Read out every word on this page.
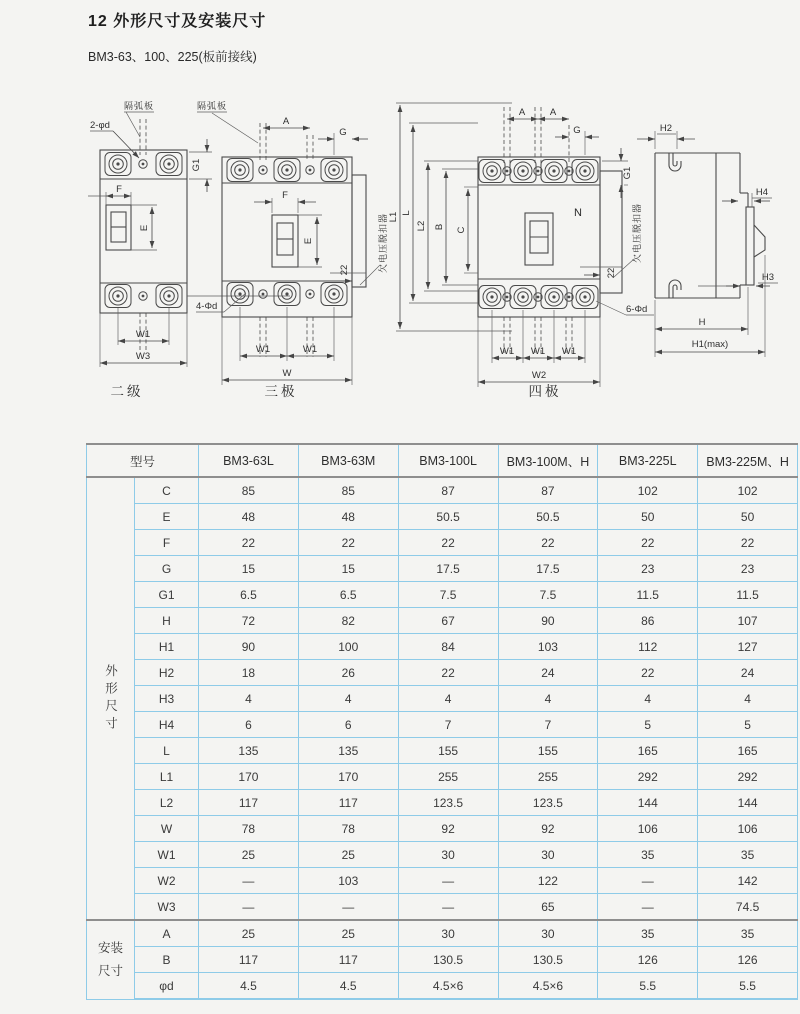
12 外形尺寸及安装尺寸
BM3-63、100、225(板前接线)
2-φd
隔弧板
G1
F
E
W1
W3
二级
隔弧板
A
G
F
E	欠电压脱扣器
22
4-Φd
W1	W1
W
三极
N
A	A
G
G1
L1 L
L2 B C	欠电压脱扣器
22
6-Φd
W1 W1 W1
W2
四极
H2
H4
H3
H
H1(max)
型号		BM3-63L	BM3-63M	BM3-100L	BM3-100M、H	BM3-225L	BM3-225M、H
外形尺寸	C	85	85	87	87	102	102
	E	48	48	50.5	50.5	50	50
	F	22	22	22	22	22	22
	G	15	15	17.5	17.5	23	23
	G1	6.5	6.5	7.5	7.5	11.5	11.5
	H	72	82	67	90	86	107
	H1	90	100	84	103	112	127
	H2	18	26	22	24	22	24
	H3	4	4	4	4	4	4
	H4	6	6	7	7	5	5
	L	135	135	155	155	165	165
	L1	170	170	255	255	292	292
	L2	117	117	123.5	123.5	144	144
	W	78	78	92	92	106	106
	W1	25	25	30	30	35	35
	W2	—	103	—	122	—	142
	W3	—	—	—	65	—	74.5
安装尺寸	A	25	25	30	30	35	35
	B	117	117	130.5	130.5	126	126
	φd	4.5	4.5	4.5×6	4.5×6	5.5	5.5
